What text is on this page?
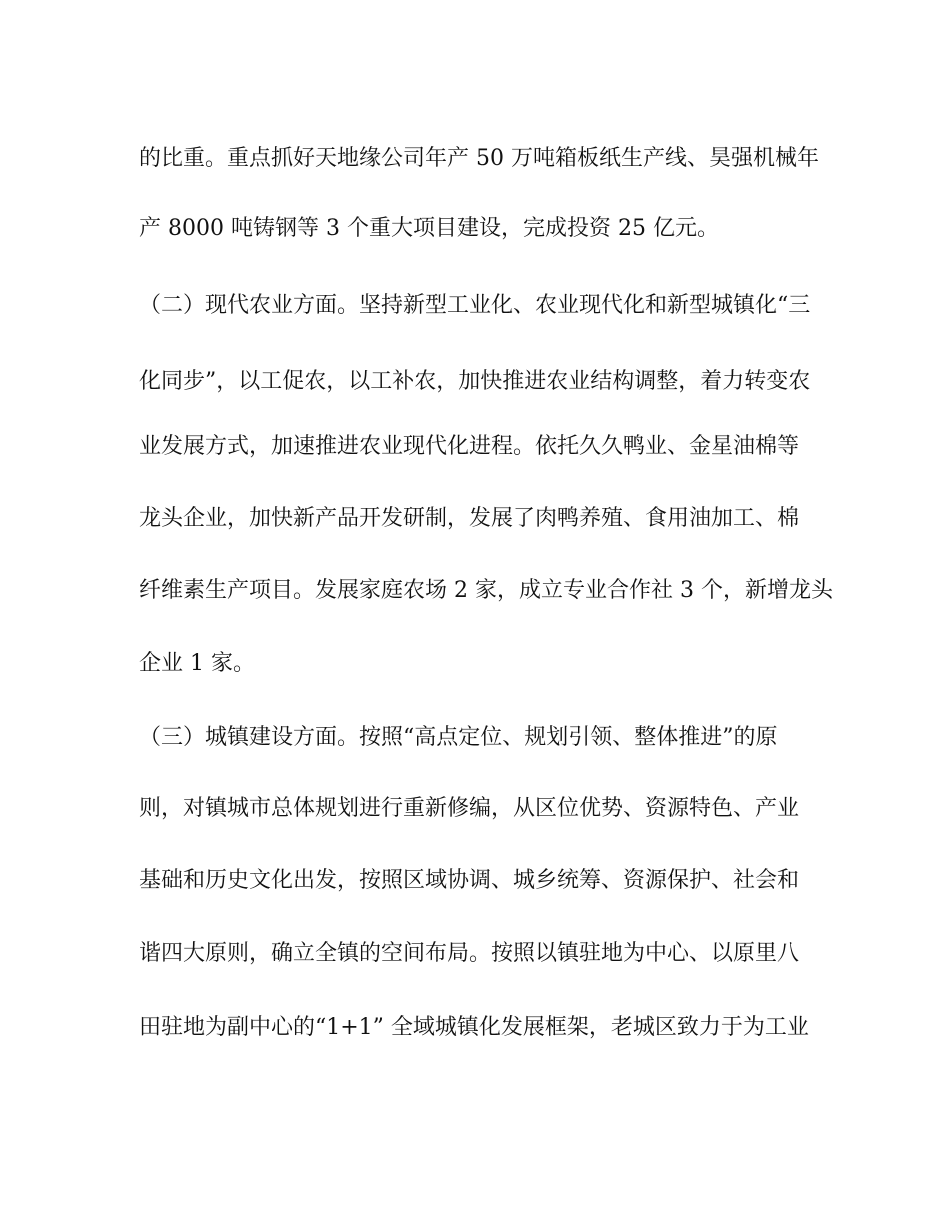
的比重。重点抓好天地缘公司年产 50 万吨箱板纸生产线、昊强机械年
产 8000 吨铸钢等 3 个重大项目建设，完成投资 25 亿元。
（二）现代农业方面。坚持新型工业化、农业现代化和新型城镇化“三
化同步”，以工促农，以工补农，加快推进农业结构调整，着力转变农
业发展方式，加速推进农业现代化进程。依托久久鸭业、金星油棉等
龙头企业，加快新产品开发研制，发展了肉鸭养殖、食用油加工、棉
纤维素生产项目。发展家庭农场 2 家，成立专业合作社 3 个，新增龙头
企业 1 家。
（三）城镇建设方面。按照“高点定位、规划引领、整体推进”的原
则，对镇城市总体规划进行重新修编，从区位优势、资源特色、产业
基础和历史文化出发，按照区域协调、城乡统筹、资源保护、社会和
谐四大原则，确立全镇的空间布局。按照以镇驻地为中心、以原里八
田驻地为副中心的“1+1” 全域城镇化发展框架，老城区致力于为工业
